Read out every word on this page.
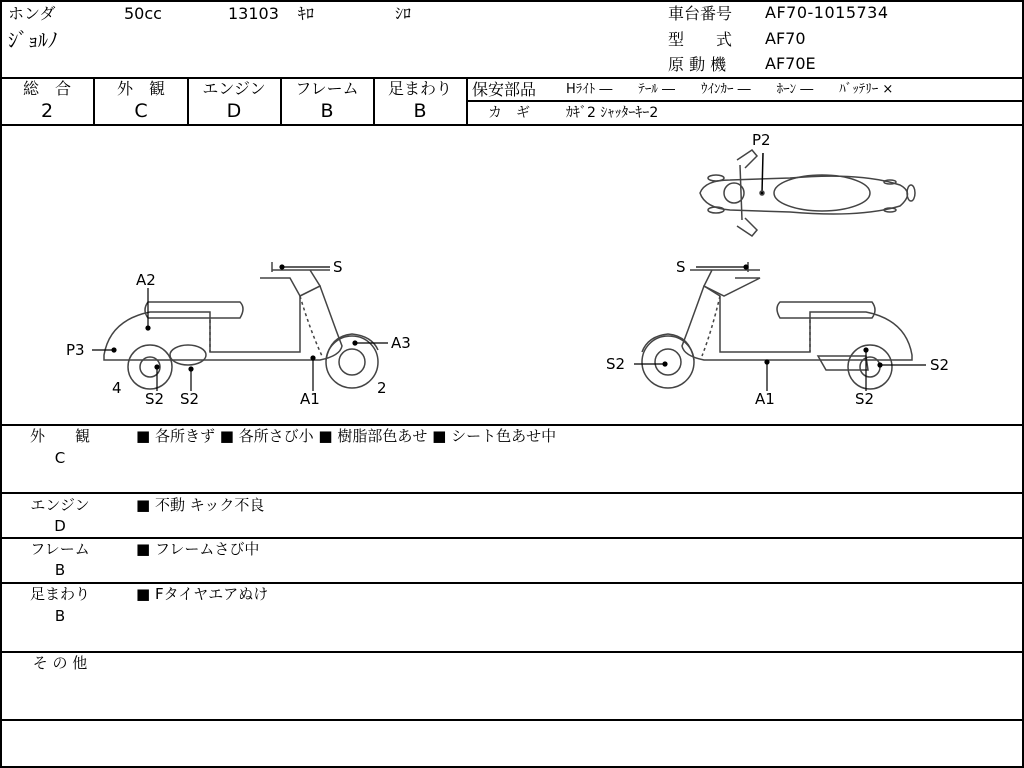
ホンダ	50cc	13103 ｷﾛ	ｼﾛ
ｼﾞｮﾙﾉ
車台番号 AF70-1015734
型　　式 AF70
原 動 機 AF70E
総　合
2
外　観
C
エンジン
D
フレーム
B
足まわり
B
保安部品 Hﾗｲﾄ ―　　ﾃｰﾙ ―　　ｳｲﾝｶｰ ―　　ﾎｰﾝ ―　　ﾊﾞｯﾃﾘｰ ×
カ　ギ	ｶｷﾞ2 ｼｬｯﾀｰｷｰ2
P2
A2
S
P3	A3
4
S2 S2	A1
2
S
S2	S2
S2
A1
外　　観
C
■ 各所きず ■ 各所さび小 ■ 樹脂部色あせ ■ シート色あせ中
エンジン
D
■ 不動 キック不良
フレーム
B
■ フレームさび中
足まわり
B
■ Fタイヤエアぬけ
そ の 他
